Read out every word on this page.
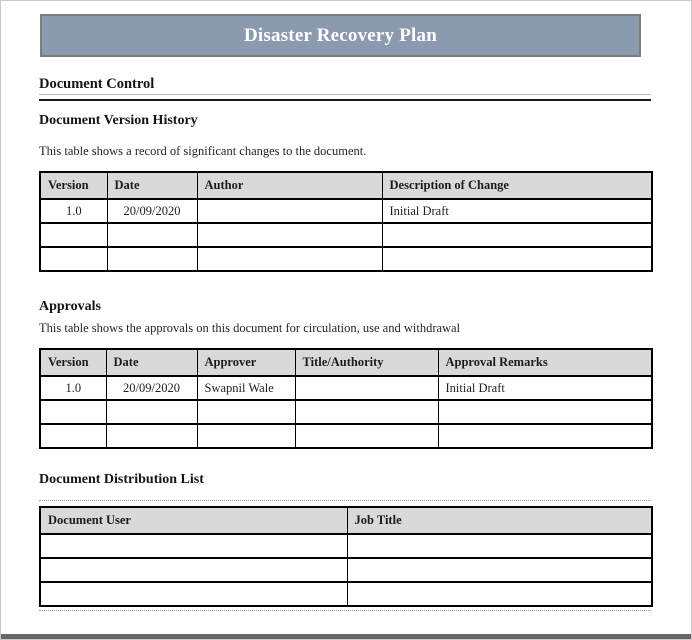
Disaster Recovery Plan
Document Control
Document Version History

This table shows a record of significant changes to the document.

Version	Date	Author	Description of Change
1.0	20/09/2020		Initial Draft

Approvals

This table shows the approvals on this document for circulation, use and withdrawal

Version	Date	Approver	Title/Authority	Approval Remarks
1.0	20/09/2020	Swapnil Wale		Initial Draft

Document Distribution List
Document User	Job Title
